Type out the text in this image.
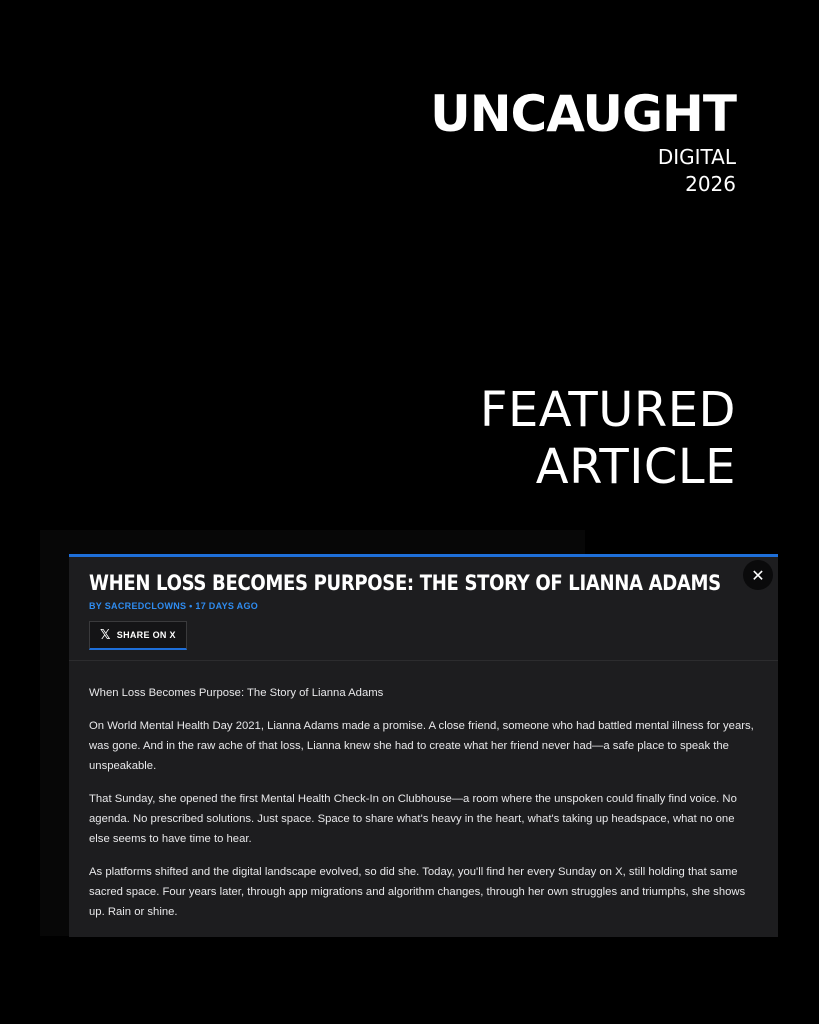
UNCAUGHT
DIGITAL
2026
FEATURED
ARTICLE
WHEN LOSS BECOMES PURPOSE: THE STORY OF LIANNA ADAMS
BY SACREDCLOWNS • 17 DAYS AGO
𝕏 SHARE ON X
✕

When Loss Becomes Purpose: The Story of Lianna Adams

On World Mental Health Day 2021, Lianna Adams made a promise. A close friend, someone who had battled mental illness for years, was gone. And in the raw ache of that loss, Lianna knew she had to create what her friend never had—a safe place to speak the unspeakable.

That Sunday, she opened the first Mental Health Check-In on Clubhouse—a room where the unspoken could finally find voice. No agenda. No prescribed solutions. Just space. Space to share what's heavy in the heart, what's taking up headspace, what no one else seems to have time to hear.

As platforms shifted and the digital landscape evolved, so did she. Today, you'll find her every Sunday on X, still holding that same sacred space. Four years later, through app migrations and algorithm changes, through her own struggles and triumphs, she shows up. Rain or shine.
